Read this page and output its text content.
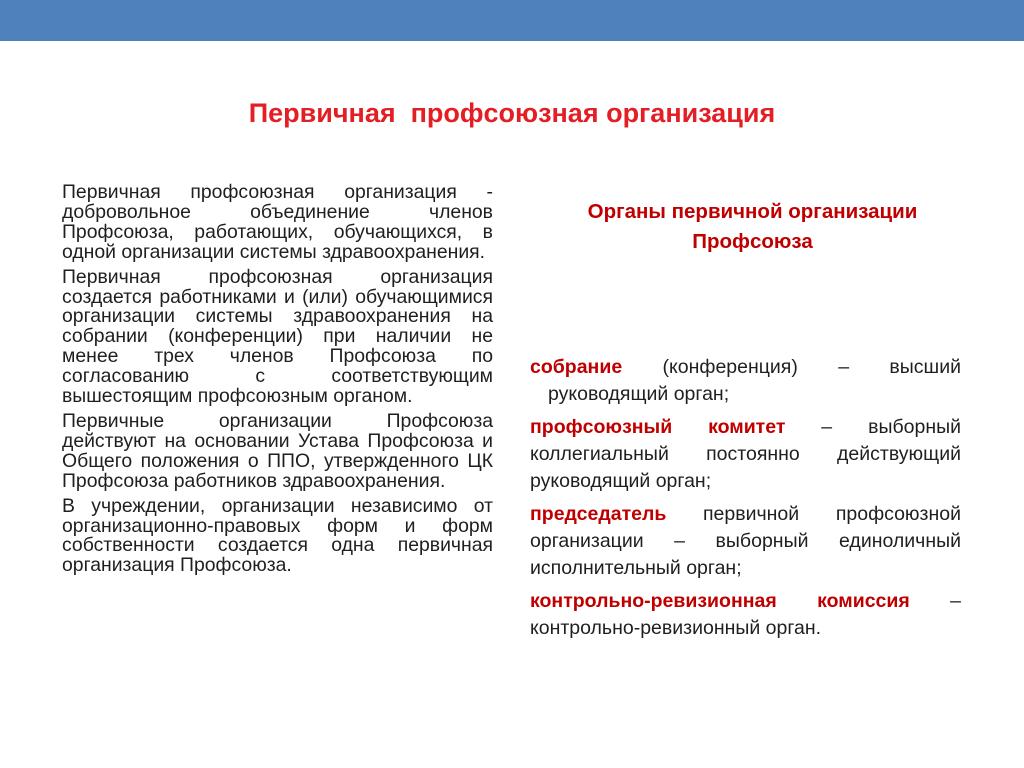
Первичная  профсоюзная организация

Первичная профсоюзная организация - добровольное объединение членов Профсоюза, работающих, обучающихся, в одной организации системы здравоохранения.

Первичная профсоюзная организация создается работниками и (или) обучающимися организации системы здравоохранения на собрании (конференции) при наличии не менее трех членов Профсоюза по согласованию с соответствующим вышестоящим профсоюзным органом.

Первичные организации Профсоюза действуют на основании Устава Профсоюза и Общего положения о ППО, утвержденного ЦК Профсоюза работников здравоохранения.

В учреждении, организации независимо от организационно-правовых форм и форм собственности создается одна первичная организация Профсоюза.

Органы первичной организации Профсоюза

собрание (конференция) – высший руководящий орган;

профсоюзный комитет – выборный коллегиальный постоянно действующий руководящий орган;

председатель первичной профсоюзной организации – выборный единоличный исполнительный орган;

контрольно-ревизионная комиссия – контрольно-ревизионный орган.
